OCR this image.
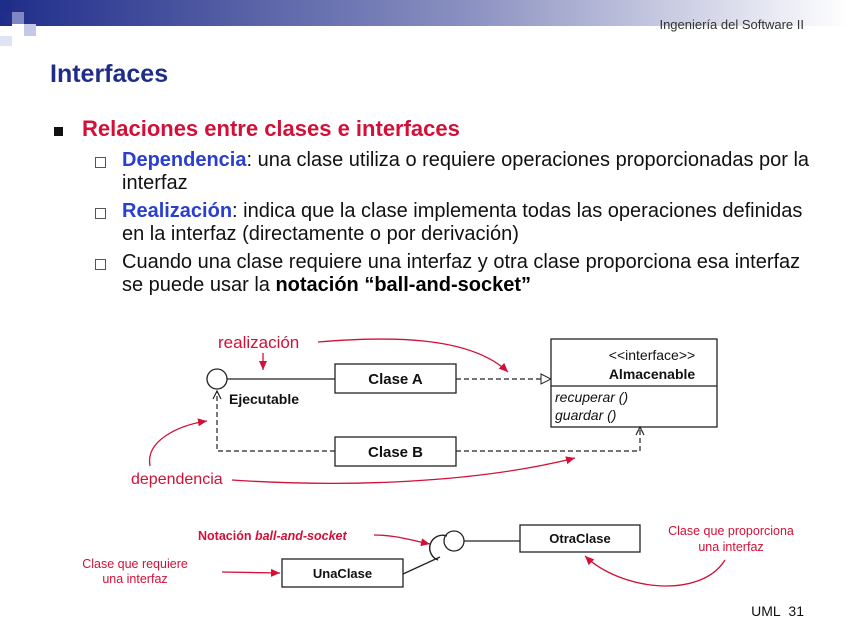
Ingeniería del Software II
Interfaces
Relaciones entre clases e interfaces
Dependencia: una clase utiliza o requiere operaciones proporcionadas por la interfaz
Realización: indica que la clase implementa todas las operaciones definidas en la interfaz (directamente o por derivación)
Cuando una clase requiere una interfaz y otra clase proporciona esa interfaz se puede usar la notación “ball-and-socket”
realización
Ejecutable
Clase A
<<interface>>
Almacenable
recuperar ()
guardar ()
Clase B
dependencia
Notación ball-and-socket	OtraClase
UnaClase
Clase que requiere
una interfaz
Clase que proporciona
una interfaz
UML 31
